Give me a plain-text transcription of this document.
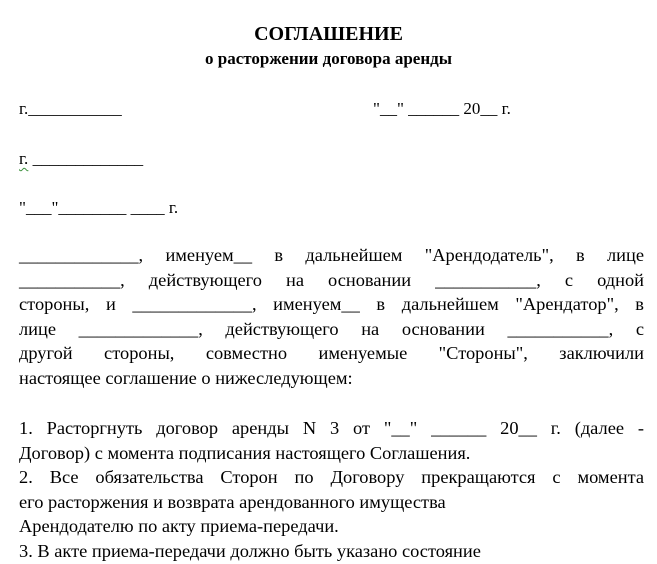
СОГЛАШЕНИЕ
о расторжении договора аренды
г.___________	"__" ______ 20__ г.
г. _____________
"___"________ ____ г.
_____________, именуем__ в дальнейшем "Арендодатель", в лице
___________, действующего на основании ___________, с одной
стороны, и _____________, именуем__ в дальнейшем "Арендатор", в
лице _____________, действующего на основании ___________, с
другой стороны, совместно именуемые "Стороны", заключили
настоящее соглашение о нижеследующем:

1. Расторгнуть договор аренды N 3 от "__" ______ 20__ г. (далее -
Договор) с момента подписания настоящего Соглашения.

2. Все обязательства Сторон по Договору прекращаются с момента
его расторжения и возврата арендованного имущества
Арендодателю по акту приема-передачи.

3. В акте приема-передачи должно быть указано состояние
